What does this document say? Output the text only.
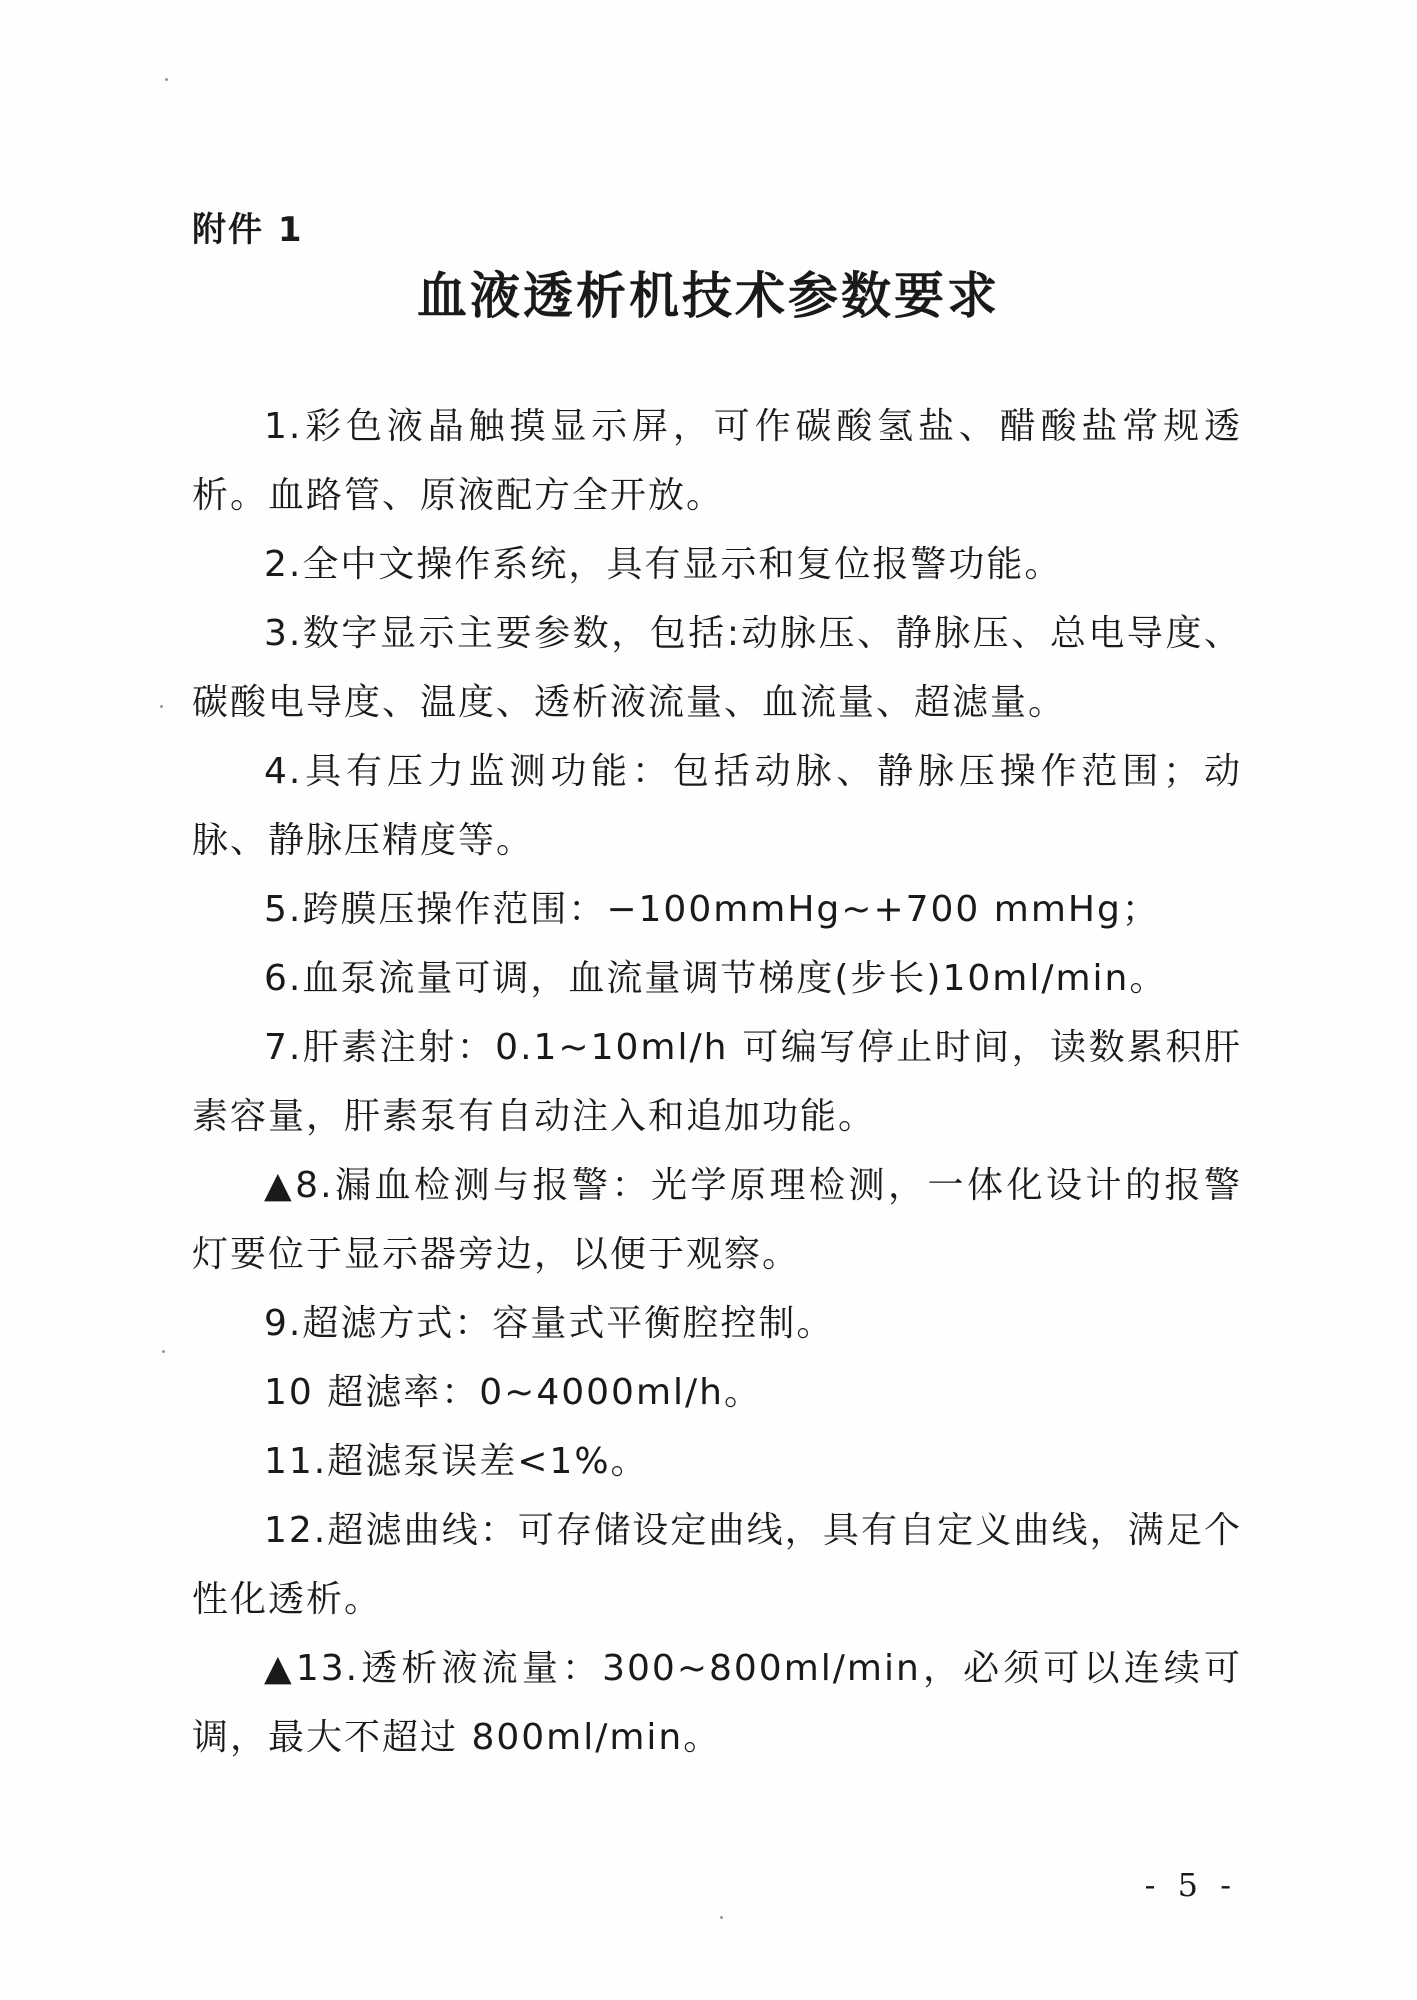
附件 1
血液透析机技术参数要求

1.彩色液晶触摸显示屏，可作碳酸氢盐、醋酸盐常规透析。血路管、原液配方全开放。

2.全中文操作系统，具有显示和复位报警功能。

3.数字显示主要参数，包括:动脉压、静脉压、总电导度、碳酸电导度、温度、透析液流量、血流量、超滤量。

4.具有压力监测功能：包括动脉、静脉压操作范围；动脉、静脉压精度等。

5.跨膜压操作范围：−100mmHg~+700 mmHg；

6.血泵流量可调，血流量调节梯度(步长)10ml/min。

7.肝素注射：0.1~10ml/h 可编写停止时间，读数累积肝素容量，肝素泵有自动注入和追加功能。

▲8.漏血检测与报警：光学原理检测，一体化设计的报警灯要位于显示器旁边，以便于观察。

9.超滤方式：容量式平衡腔控制。

10 超滤率：0~4000ml/h。

11.超滤泵误差<1%。

12.超滤曲线：可存储设定曲线，具有自定义曲线，满足个性化透析。

▲13.透析液流量：300~800ml/min，必须可以连续可调，最大不超过 800ml/min。

- 5 -
